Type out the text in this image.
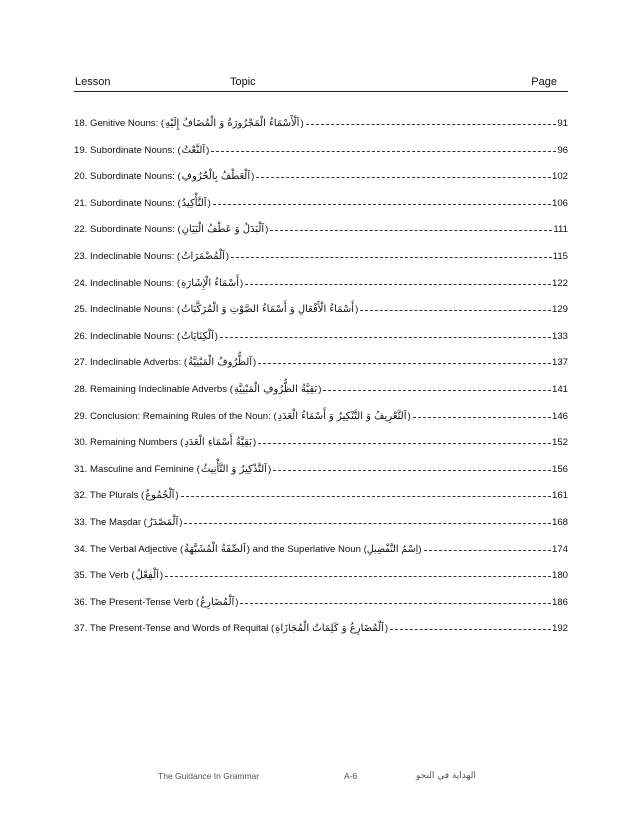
Lesson	Topic	Page
18. Genitive Nouns: ( اَلْأَسْمَاءُ الْمَجْرُورَةُ وَ الْمُضَافُ إِلَيْهِ )	91
19. Subordinate Nouns: ( اَلنَّعْتُ )	96
20. Subordinate Nouns: ( اَلْعَطْفُ بِالْحُرُوفِ )	102
21. Subordinate Nouns: ( اَلتَّأْكِيدُ )	106
22. Subordinate Nouns: ( اَلْبَدَلُ وَ عَطْفُ الْبَيَانِ )	111
23. Indeclinable Nouns: ( اَلْمُضْمَرَاتُ )	115
24. Indeclinable Nouns: ( أَسْمَاءُ الْإِشَارَةِ )	122
25. Indeclinable Nouns: ( أَسْمَاءُ الْأَفْعَالِ وَ أَسْمَاءُ الصَّوْتِ وَ الْمُرَكَّبَاتُ )	129
26. Indeclinable Nouns: ( اَلْكِنَايَاتُ )	133
27. Indeclinable Adverbs: ( اَلظُّرُوفُ الْمَبْنِيَّةُ )	137
28. Remaining Indeclinable Adverbs ( بَقِيَّةُ الظُّرُوفِ الْمَبْنِيَّةِ )	141
29. Conclusion: Remaining Rules of the Noun: ( اَلتَّعْرِيفُ وَ التَّنْكِيرُ وَ أَسْمَاءُ الْعَدَدِ )	146
30. Remaining Numbers ( بَقِيَّةُ أَسْمَاءِ الْعَدَدِ )	152
31. Masculine and Feminine ( اَلتَّذْكِيرُ وَ التَّأْنِيثُ )	156
32. The Plurals ( اَلْجُمُوعُ )	161
33. The Maṣdar ( اَلْمَصْدَرُ )	168
34. The Verbal Adjective ( اَلصِّفَةُ الْمُشَبَّهَةُ ) and the Superlative Noun (اِسْمُ التَّفْضِيلِ)	174
35. The Verb ( اَلْفِعْلُ )	180
36. The Present-Tense Verb ( اَلْمُضَارِعُ )	186
37. The Present-Tense and Words of Requital ( اَلْمُضَارِعُ وَ كَلِمَاتُ الْمُجَازَاةِ )	192
The Guidance In Grammar	A-6	الهداية في النحو
